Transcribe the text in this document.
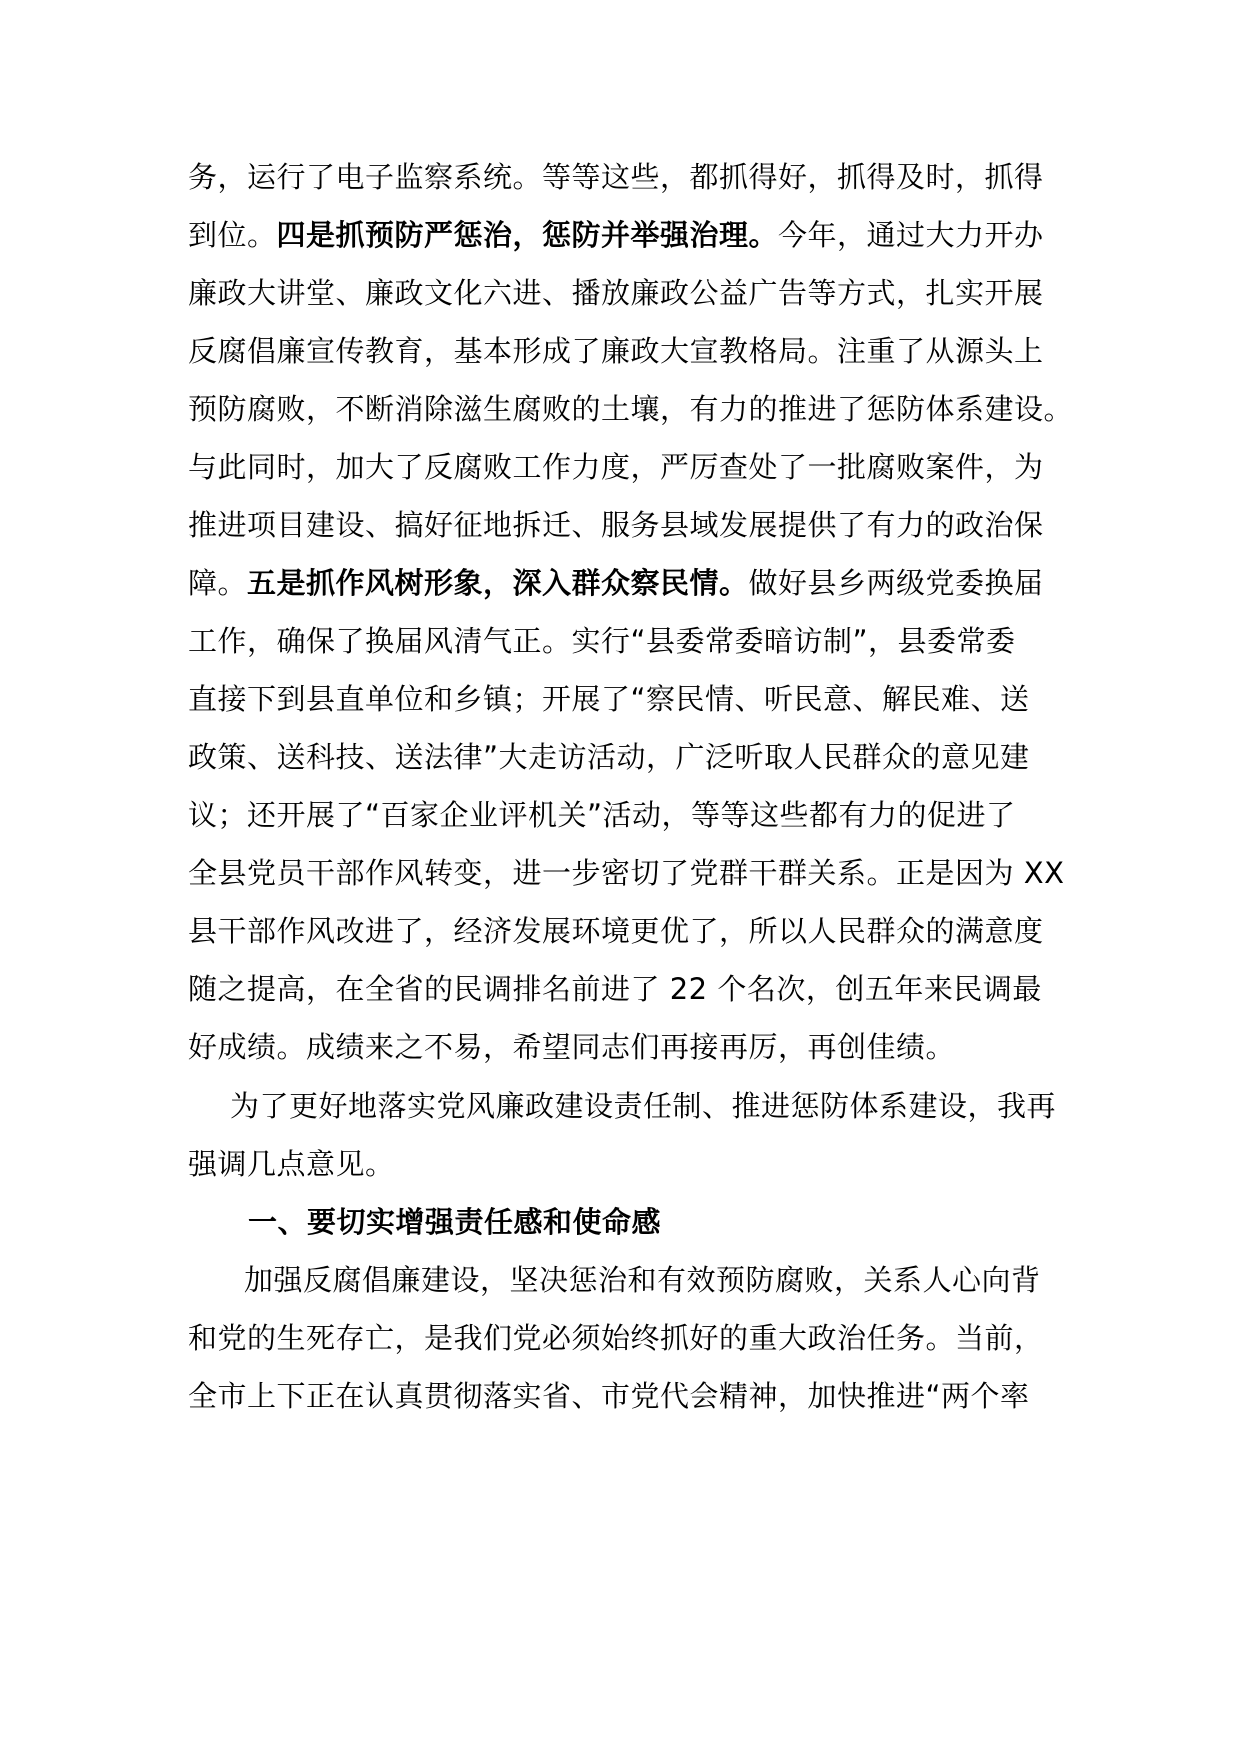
务，运行了电子监察系统。等等这些，都抓得好，抓得及时，抓得
到位。四是抓预防严惩治，惩防并举强治理。今年，通过大力开办
廉政大讲堂、廉政文化六进、播放廉政公益广告等方式，扎实开展
反腐倡廉宣传教育，基本形成了廉政大宣教格局。注重了从源头上
预防腐败，不断消除滋生腐败的土壤，有力的推进了惩防体系建设。
与此同时，加大了反腐败工作力度，严厉查处了一批腐败案件，为
推进项目建设、搞好征地拆迁、服务县域发展提供了有力的政治保
障。五是抓作风树形象，深入群众察民情。做好县乡两级党委换届
工作，确保了换届风清气正。实行“县委常委暗访制”，县委常委
直接下到县直单位和乡镇；开展了“察民情、听民意、解民难、送
政策、送科技、送法律”大走访活动，广泛听取人民群众的意见建
议；还开展了“百家企业评机关”活动，等等这些都有力的促进了
全县党员干部作风转变，进一步密切了党群干群关系。正是因为 XX
县干部作风改进了，经济发展环境更优了，所以人民群众的满意度
随之提高，在全省的民调排名前进了 22 个名次，创五年来民调最
好成绩。成绩来之不易，希望同志们再接再厉，再创佳绩。
为了更好地落实党风廉政建设责任制、推进惩防体系建设，我再
强调几点意见。
一、要切实增强责任感和使命感
加强反腐倡廉建设，坚决惩治和有效预防腐败，关系人心向背
和党的生死存亡，是我们党必须始终抓好的重大政治任务。当前，
全市上下正在认真贯彻落实省、市党代会精神，加快推进“两个率
